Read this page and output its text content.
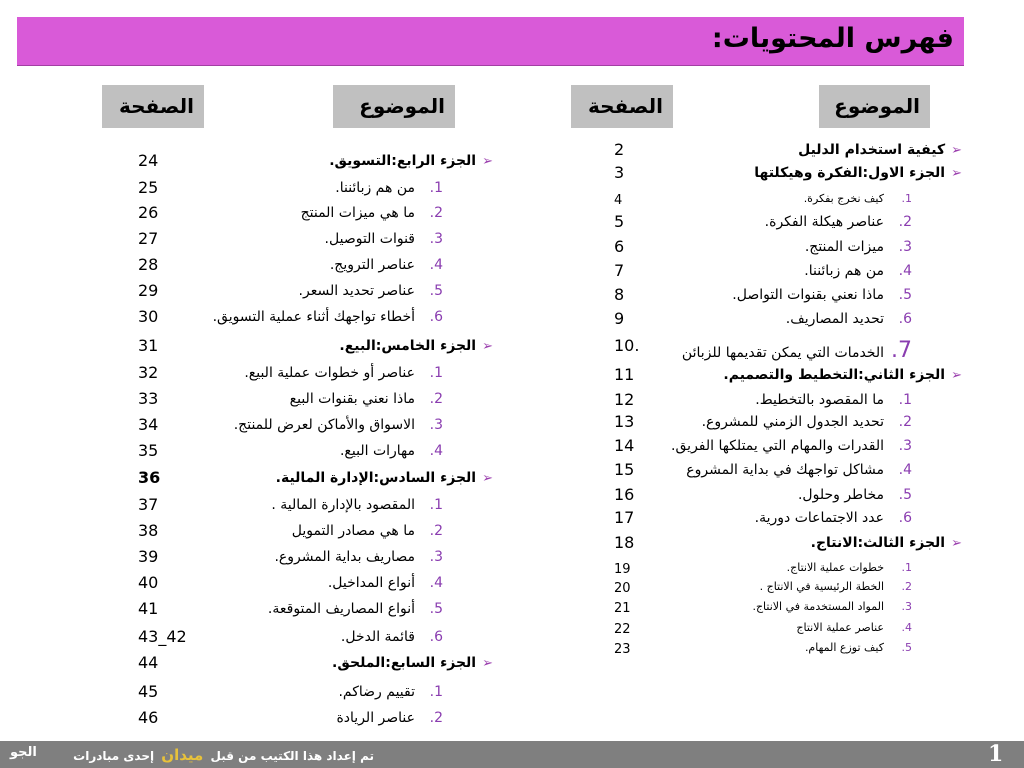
فهرس المحتويات:
الموضوع
الصفحة
الموضوع
الصفحة
الجو	تم إعداد هذا الكتيب من قبل ميدان إحدى مبادرات	1
➢كيفية استخدام الدليل
2
➢الجزء الاول:الفكرة وهيكلتها
3
1.كيف نخرج بفكرة.
4
2.عناصر هيكلة الفكرة.
5
3.ميزات المنتج.
6
4.من هم زبائننا.
7
5.ماذا نعني بقنوات التواصل.
8
6.تحديد المصاريف.
9
7.الخدمات التي يمكن تقديمها للزبائن
10.
➢الجزء الثاني:التخطيط والتصميم.
11
1.ما المقصود بالتخطيط.
12
2.تحديد الجدول الزمني للمشروع.
13
3.القدرات والمهام التي يمتلكها الفريق.
14
4.مشاكل تواجهك في بداية المشروع
15
5.مخاطر وحلول.
16
6.عدد الاجتماعات دورية.
17
➢الجزء الثالث:الانتاج.
18
1.خطوات عملية الانتاج.
19
2.الخطة الرئيسية في الانتاج .
20
3.المواد المستخدمة في الانتاج.
21
4.عناصر عملية الانتاج
22
5.كيف توزع المهام.
23
➢الجزء الرابع:التسويق.
24
1.من هم زبائننا.
25
2.ما هي ميزات المنتج
26
3.قنوات التوصيل.
27
4.عناصر الترويج.
28
5.عناصر تحديد السعر.
29
6.أخطاء تواجهك أثناء عملية التسويق.
30
➢الجزء الخامس:البيع.
31
1.عناصر أو خطوات عملية البيع.
32
2.ماذا نعني بقنوات البيع
33
3.الاسواق والأماكن لعرض للمنتج.
34
4.مهارات البيع.
35
➢الجزء السادس:الإدارة المالية.
36
1.المقصود بالإدارة المالية .
37
2.ما هي مصادر التمويل
38
3.مصاريف بداية المشروع.
39
4.أنواع المداخيل.
40
5.أنواع المصاريف المتوقعة.
41
6.قائمة الدخل.
43_42
➢الجزء السابع:الملحق.
44
1.تقييم رضاكم.
45
2.عناصر الريادة
46
